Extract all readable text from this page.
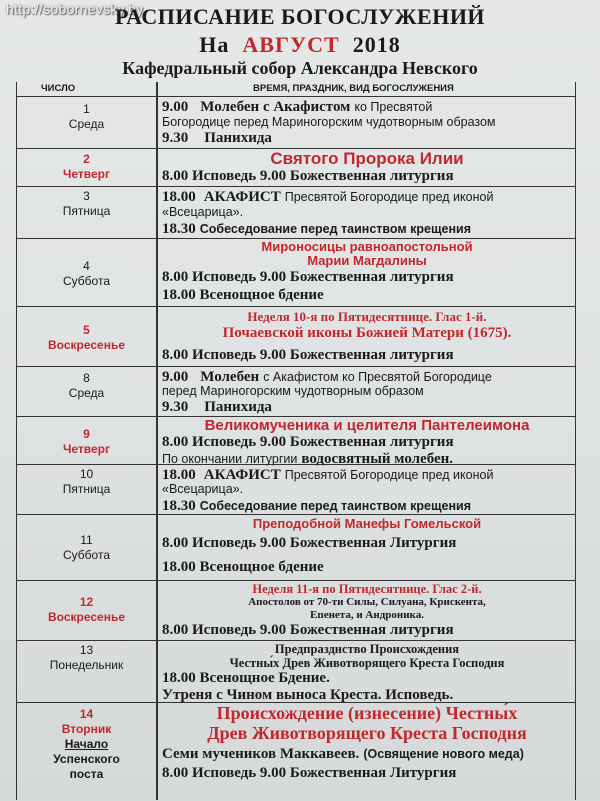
http://sobornevsky.by
РАСПИСАНИЕ БОГОСЛУЖЕНИЙ
На АВГУСТ 2018
Кафедральный собор Александра Невского
ЧИСЛО	ВРЕМЯ, ПРАЗДНИК, ВИД БОГОСЛУЖЕНИЯ
1
Среда
9.00 Молебен с Акафистом ко Пресвятой
Богородице перед Мариногорским чудотворным образом
9.30 Панихида
2
Четверг
Святого Пророка Илии
8.00 Исповедь 9.00 Божественная литургия
3
Пятница
18.00 АКАФИСТ Пресвятой Богородице пред иконой
«Всецарица».
18.30 Собеседование перед таинством крещения
4
Суббота
Мироносицы равноапостольной
Марии Магдалины
8.00 Исповедь 9.00 Божественная литургия
18.00 Всенощное бдение
5
Воскресенье
Неделя 10-я по Пятидесятнице. Глас 1-й.
Почаевской иконы Божией Матери (1675).
8.00 Исповедь 9.00 Божественная литургия
8
Среда
9.00 Молебен с Акафистом ко Пресвятой Богородице
перед Мариногорским чудотворным образом
9.30 Панихида
9
Четверг
Великомученика и целителя Пантелеимона
8.00 Исповедь 9.00 Божественная литургия
По окончании литургии водосвятный молебен.
10
Пятница
18.00 АКАФИСТ Пресвятой Богородице пред иконой
«Всецарица».
18.30 Собеседование перед таинством крещения
11
Суббота
Преподобной Манефы Гомельской
8.00 Исповедь 9.00 Божественная Литургия
18.00 Всенощное бдение
12
Воскресенье
Неделя 11-я по Пятидесятнице. Глас 2-й.
Апостолов от 70-ти Силы, Силуана, Крискента,
Епенета, и Андроника.
8.00 Исповедь 9.00 Божественная литургия
13
Понедельник
Предпразднство Происхождения
Честны́х Древ Животворящего Креста Господня
18.00 Всенощное Бдение.
Утреня с Чином выноса Креста. Исповедь.
14
Вторник
Начало
Успенского
поста
Происхождение (изнесение) Честны́х
Древ Животворящего Креста Господня
Семи мучеников Маккавеев. (Освящение нового меда)
8.00 Исповедь 9.00 Божественная Литургия
